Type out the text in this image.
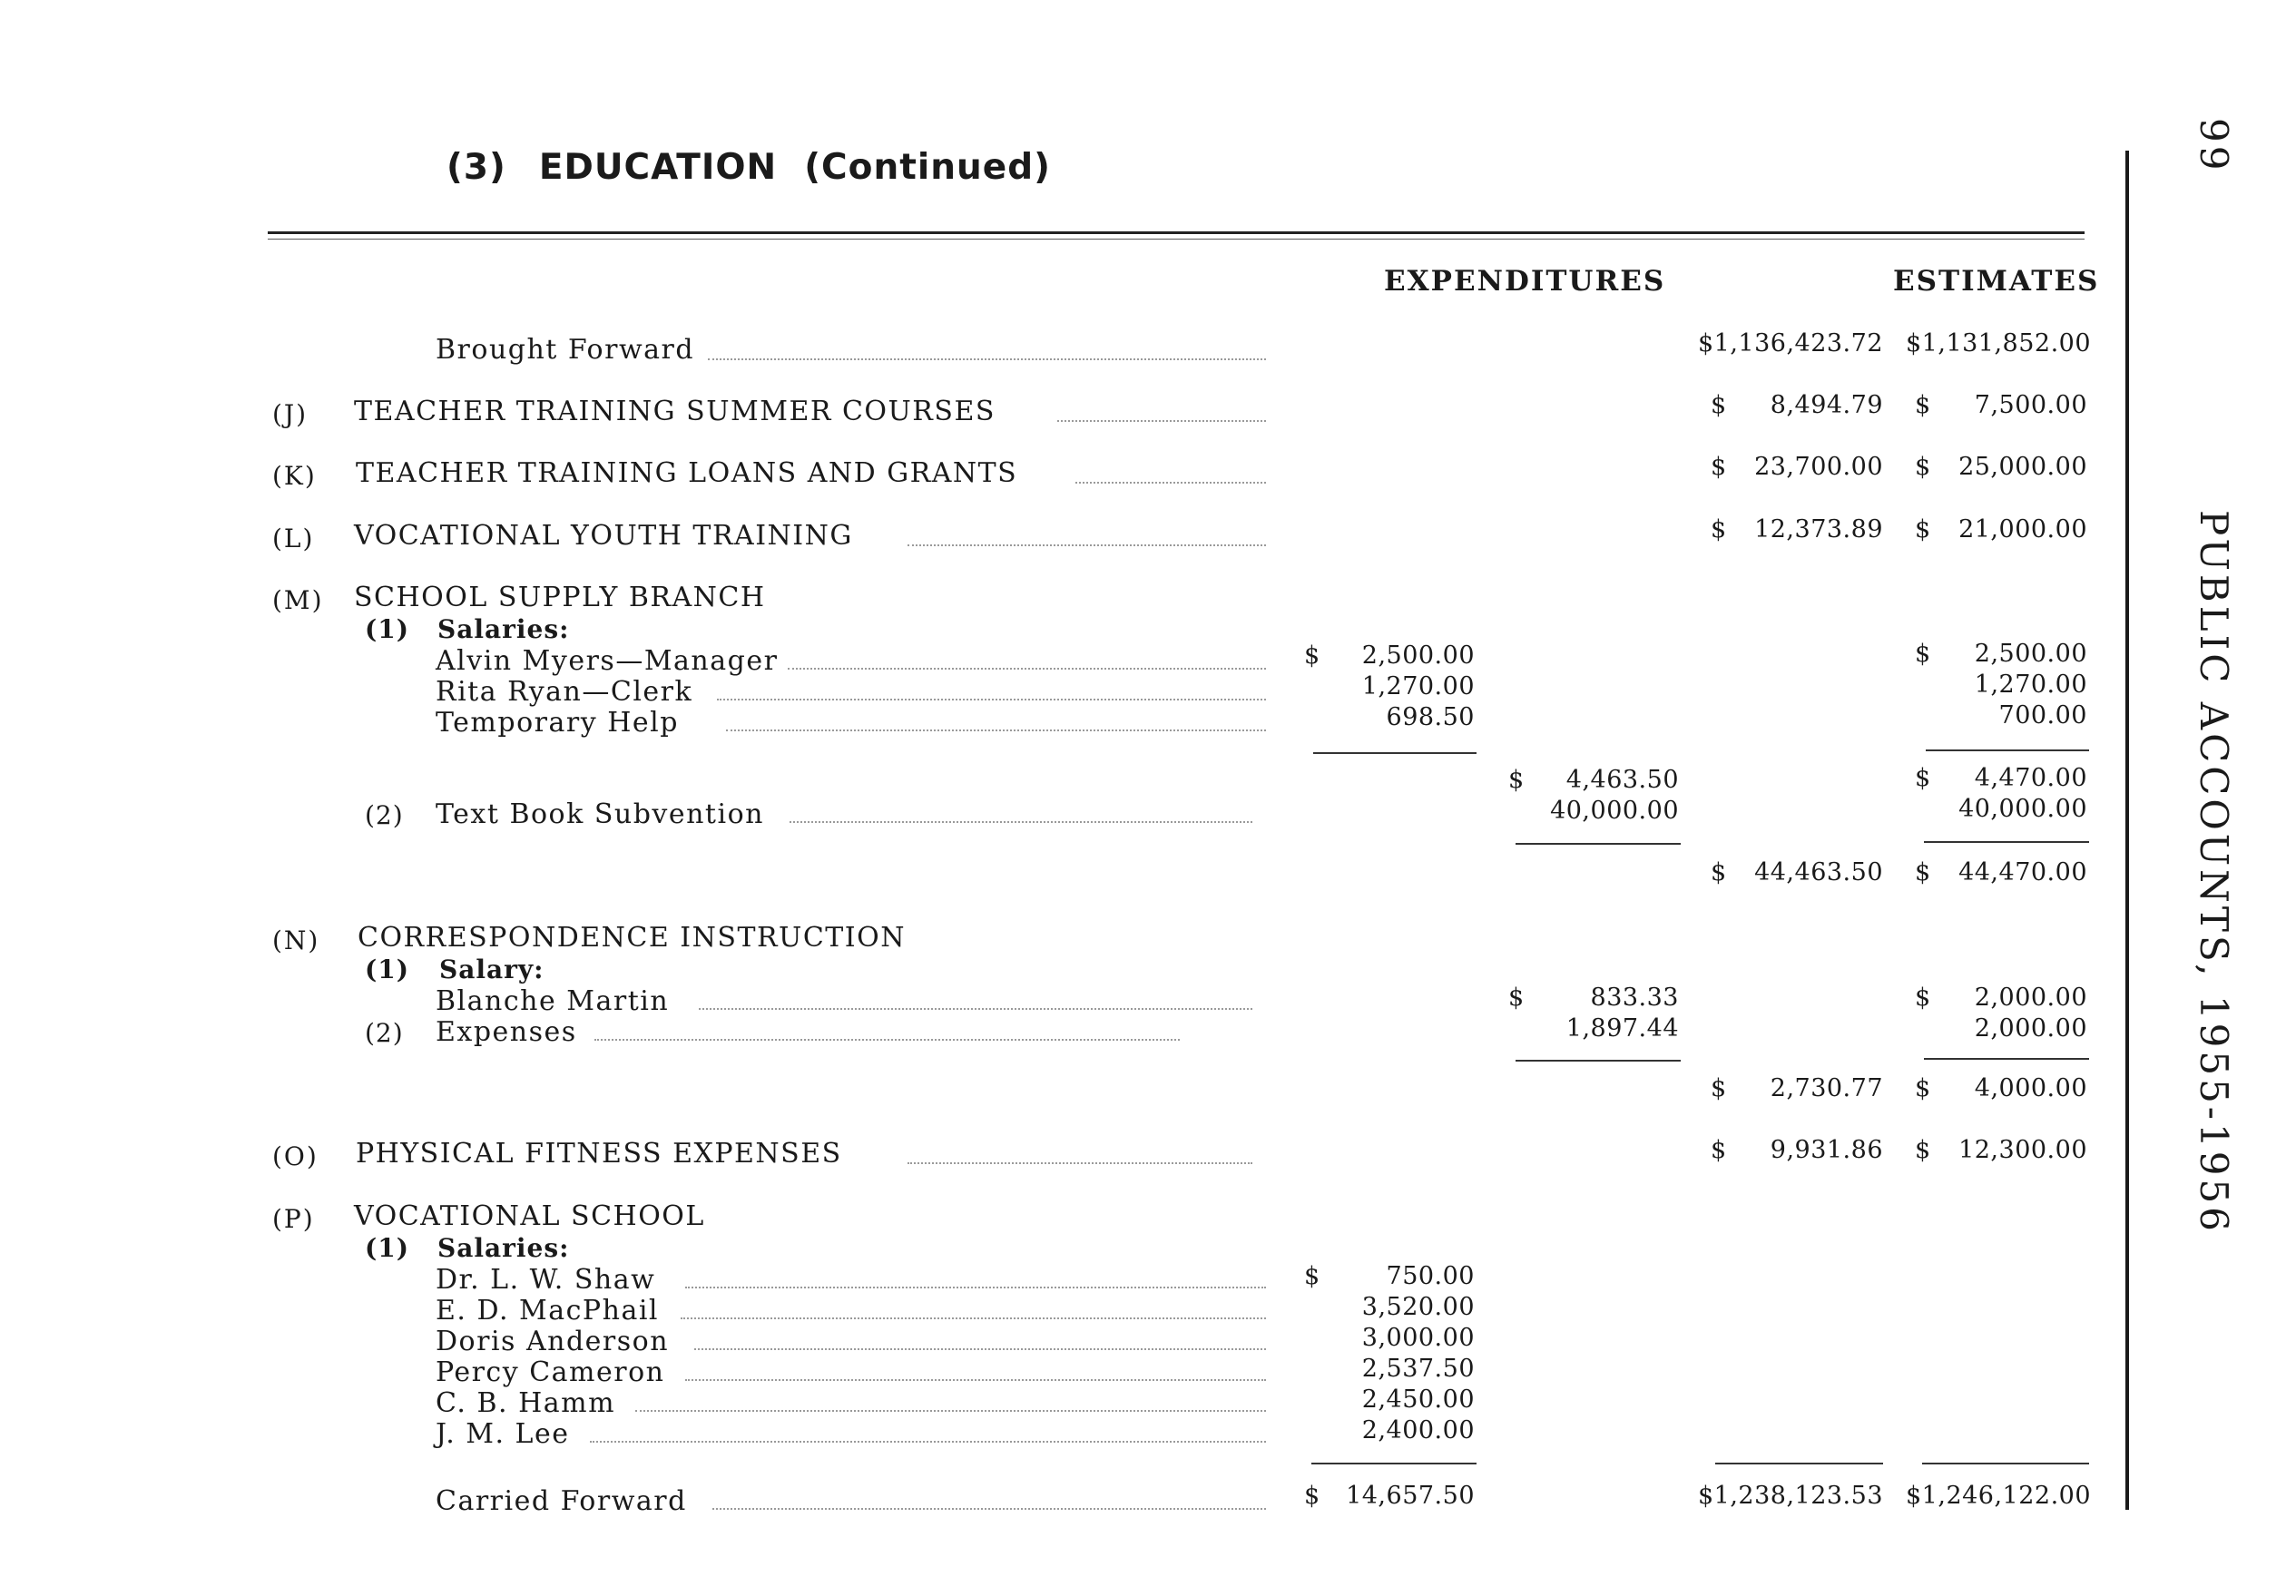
(3) EDUCATION (Continued)
EXPENDITURES	ESTIMATES
99
PUBLIC ACCOUNTS, 1955-1956
Brought Forward	$1,136,423.72 $1,131,852.00
(J) TEACHER TRAINING SUMMER COURSES	$	8,494.79 $	7,500.00
(K) TEACHER TRAINING LOANS AND GRANTS	$	23,700.00 $	25,000.00
(L) VOCATIONAL YOUTH TRAINING	$	12,373.89 $	21,000.00
(M) SCHOOL SUPPLY BRANCH
(1) Salaries:
Alvin Myers—Manager	$	2,500.00	$	2,500.00
Rita Ryan—Clerk	1,270.00	1,270.00
Temporary Help	698.50	700.00
$	4,463.50	$	4,470.00
(2) Text Book Subvention	40,000.00	40,000.00
$	44,463.50 $	44,470.00
(N) CORRESPONDENCE INSTRUCTION
(1) Salary:
Blanche Martin	$	833.33	$	2,000.00
(2) Expenses	1,897.44	2,000.00
$	2,730.77 $	4,000.00
(O) PHYSICAL FITNESS EXPENSES	$	9,931.86 $	12,300.00
(P) VOCATIONAL SCHOOL
(1) Salaries:
Dr. L. W. Shaw	$	750.00
E. D. MacPhail	3,520.00
Doris Anderson	3,000.00
Percy Cameron	2,537.50
C. B. Hamm	2,450.00
J. M. Lee	2,400.00
Carried Forward	$	14,657.50	$1,238,123.53 $1,246,122.00
